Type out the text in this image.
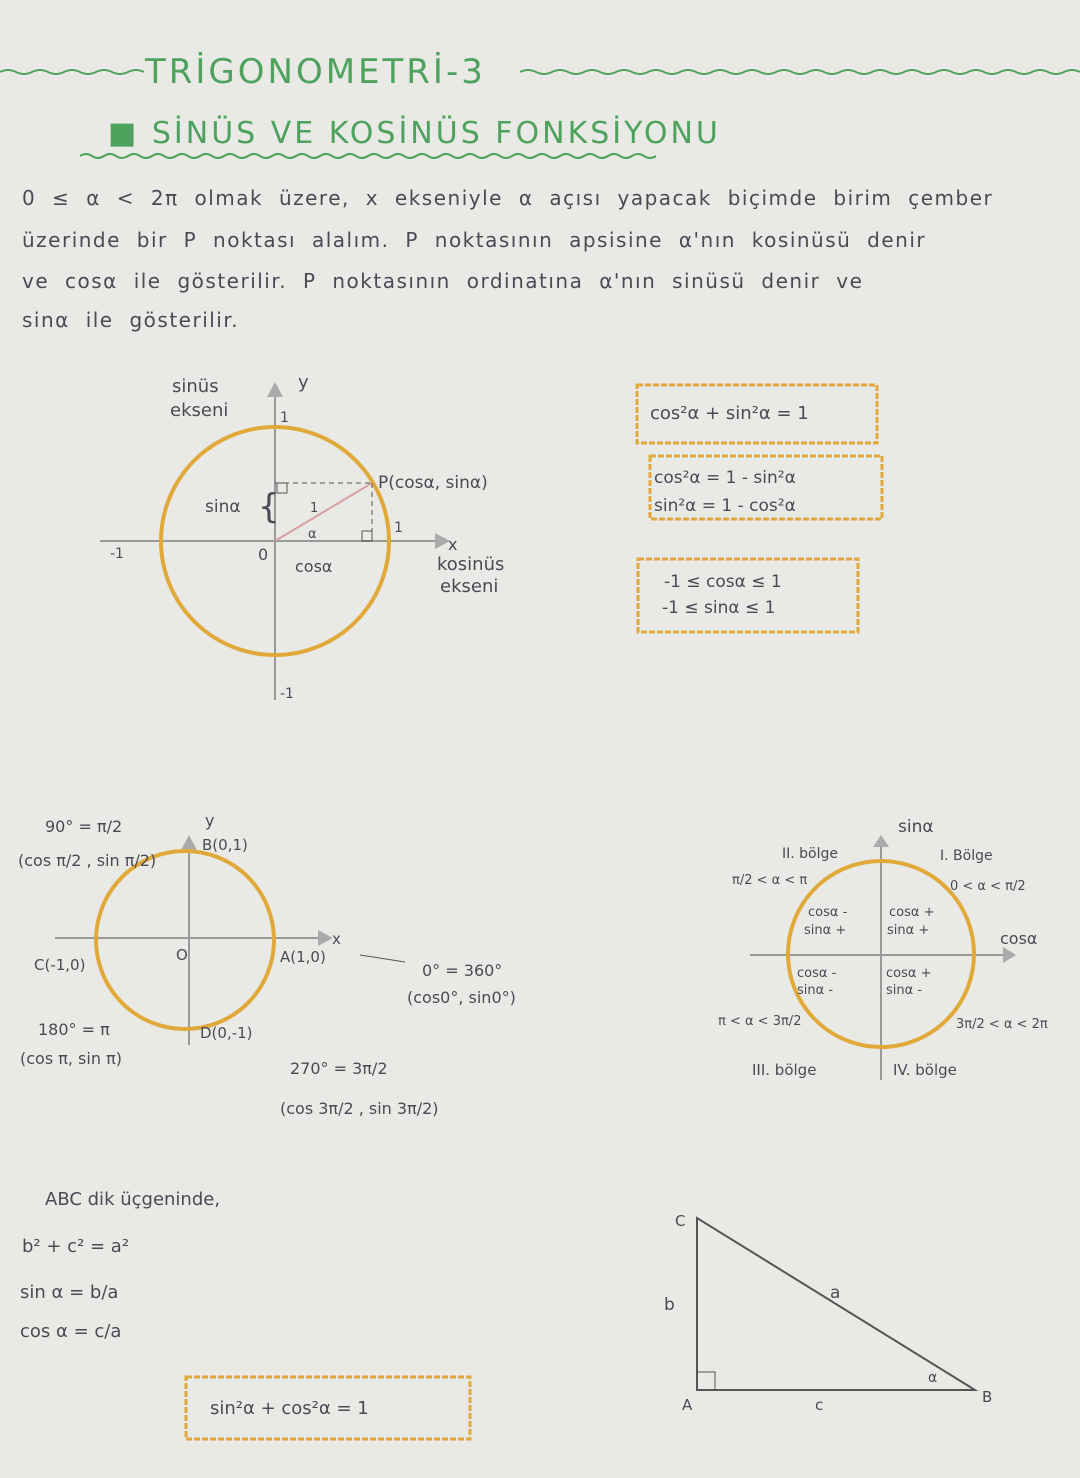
TRİGONOMETRİ-3
■ SİNÜS VE KOSİNÜS FONKSİYONU
0 ≤ α < 2π olmak üzere, x ekseniyle α açısı yapacak biçimde birim çember
üzerinde bir P noktası alalım. P noktasının apsisine α'nın kosinüsü denir
ve cosα ile gösterilir. P noktasının ordinatına α'nın sinüsü denir ve
sinα ile gösterilir.
sinüs
ekseni
y
1
-1
1
-1
0
P(cosα, sinα)
1
α
sinα {
cosα
x
kosinüs
ekseni
cos²α + sin²α = 1
cos²α = 1 - sin²α
sin²α = 1 - cos²α
-1 ≤ cosα ≤ 1
-1 ≤ sinα ≤ 1
y
x
O
B(0,1)
A(1,0)
C(-1,0)
D(0,-1)
90° = π/2
(cos π/2 , sin π/2)
0° = 360°
(cos0°, sin0°)
180° = π
(cos π, sin π)
270° = 3π/2
(cos 3π/2 , sin 3π/2)
sinα
cosα
I. Bölge
0 < α < π/2
II. bölge
π/2 < α < π
III. bölge
π < α < 3π/2
IV. bölge
3π/2 < α < 2π
cosα -
sinα +
cosα +
sinα +
cosα -
sinα -
cosα +
sinα -
ABC dik üçgeninde,
b² + c² = a²
sin α = b/a
cos α = c/a
sin²α + cos²α = 1
C
A	B
b
a
c
α
